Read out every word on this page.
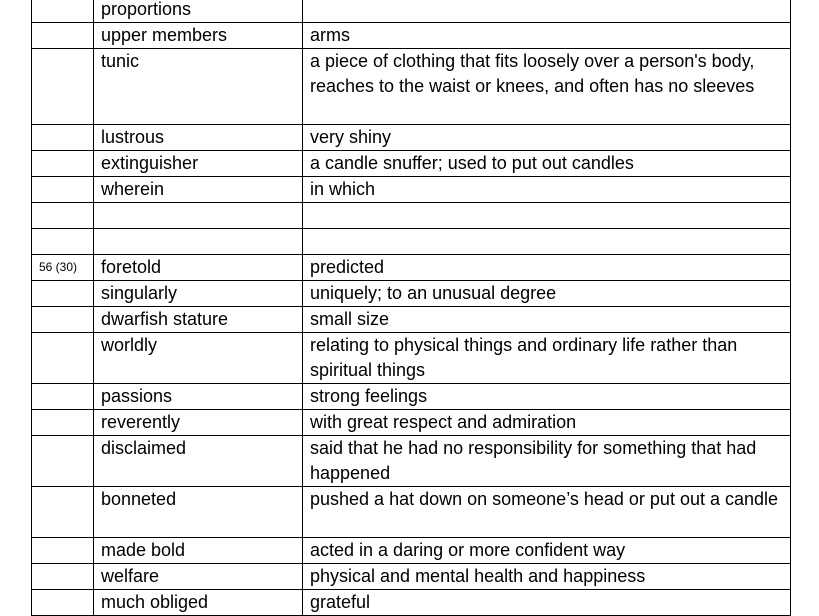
	proportions	
	upper members	arms
	tunic	a piece of clothing that fits loosely over a person's body, reaches to the waist or knees, and often has no sleeves
	lustrous	very shiny
	extinguisher	a candle snuffer; used to put out candles
	wherein	in which

56 (30)	foretold	predicted
	singularly	uniquely; to an unusual degree
	dwarfish stature	small size
	worldly	relating to physical things and ordinary life rather than spiritual things
	passions	strong feelings
	reverently	with great respect and admiration
	disclaimed	said that he had no responsibility for something that had happened
	bonneted	pushed a hat down on someone’s head or put out a candle
	made bold	acted in a daring or more confident way
	welfare	physical and mental health and happiness
	much obliged	grateful
